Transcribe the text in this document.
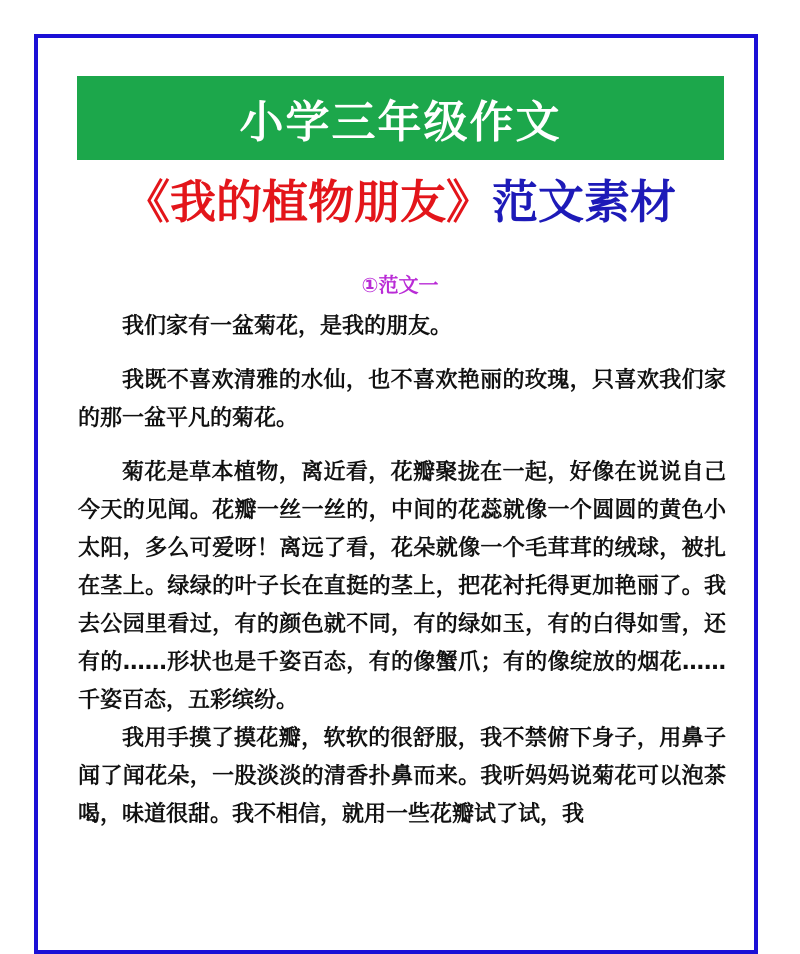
小学三年级作文
《我的植物朋友》范文素材
①范文一

我们家有一盆菊花，是我的朋友。

我既不喜欢清雅的水仙，也不喜欢艳丽的玫瑰，只喜欢我们家的那一盆平凡的菊花。

菊花是草本植物，离近看，花瓣聚拢在一起，好像在说说自己今天的见闻。花瓣一丝一丝的，中间的花蕊就像一个圆圆的黄色小太阳，多么可爱呀！离远了看，花朵就像一个毛茸茸的绒球，被扎在茎上。绿绿的叶子长在直挺的茎上，把花衬托得更加艳丽了。我去公园里看过，有的颜色就不同，有的绿如玉，有的白得如雪，还有的……形状也是千姿百态，有的像蟹爪；有的像绽放的烟花……千姿百态，五彩缤纷。

我用手摸了摸花瓣，软软的很舒服，我不禁俯下身子，用鼻子闻了闻花朵，一股淡淡的清香扑鼻而来。我听妈妈说菊花可以泡茶喝，味道很甜。我不相信，就用一些花瓣试了试，我
